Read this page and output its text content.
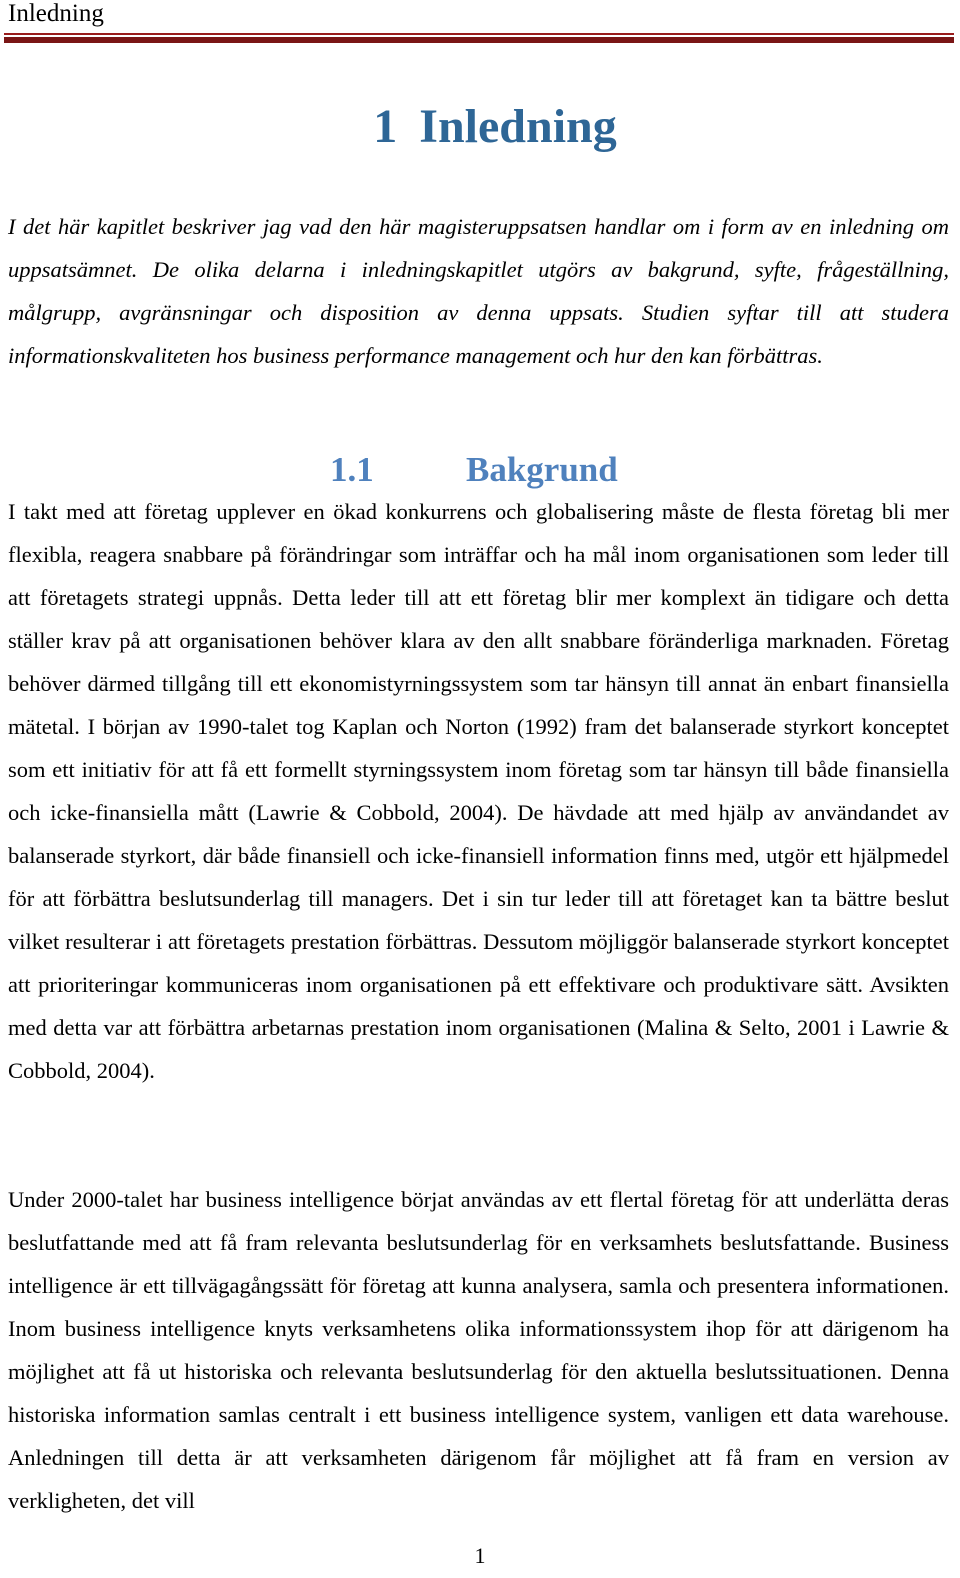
Inledning
1 Inledning

I det här kapitlet beskriver jag vad den här magisteruppsatsen handlar om i form av en inledning om uppsatsämnet. De olika delarna i inledningskapitlet utgörs av bakgrund, syfte, frågeställning, målgrupp, avgränsningar och disposition av denna uppsats. Studien syftar till att studera informationskvaliteten hos business performance management och hur den kan förbättras.

1.1	Bakgrund

I takt med att företag upplever en ökad konkurrens och globalisering måste de flesta företag bli mer flexibla, reagera snabbare på förändringar som inträffar och ha mål inom organisationen som leder till att företagets strategi uppnås. Detta leder till att ett företag blir mer komplext än tidigare och detta ställer krav på att organisationen behöver klara av den allt snabbare föränderliga marknaden. Företag behöver därmed tillgång till ett ekonomistyrningssystem som tar hänsyn till annat än enbart finansiella mätetal. I början av 1990-talet tog Kaplan och Norton (1992) fram det balanserade styrkort konceptet som ett initiativ för att få ett formellt styrningssystem inom företag som tar hänsyn till både finansiella och icke-finansiella mått (Lawrie & Cobbold, 2004). De hävdade att med hjälp av användandet av balanserade styrkort, där både finansiell och icke-finansiell information finns med, utgör ett hjälpmedel för att förbättra beslutsunderlag till managers. Det i sin tur leder till att företaget kan ta bättre beslut vilket resulterar i att företagets prestation förbättras. Dessutom möjliggör balanserade styrkort konceptet att prioriteringar kommuniceras inom organisationen på ett effektivare och produktivare sätt. Avsikten med detta var att förbättra arbetarnas prestation inom organisationen (Malina & Selto, 2001 i Lawrie & Cobbold, 2004).

Under 2000-talet har business intelligence börjat användas av ett flertal företag för att underlätta deras beslutfattande med att få fram relevanta beslutsunderlag för en verksamhets beslutsfattande. Business intelligence är ett tillvägagångssätt för företag att kunna analysera, samla och presentera informationen. Inom business intelligence knyts verksamhetens olika informationssystem ihop för att därigenom ha möjlighet att få ut historiska och relevanta beslutsunderlag för den aktuella beslutssituationen. Denna historiska information samlas centralt i ett business intelligence system, vanligen ett data warehouse. Anledningen till detta är att verksamheten därigenom får möjlighet att få fram en version av verkligheten, det vill

1
